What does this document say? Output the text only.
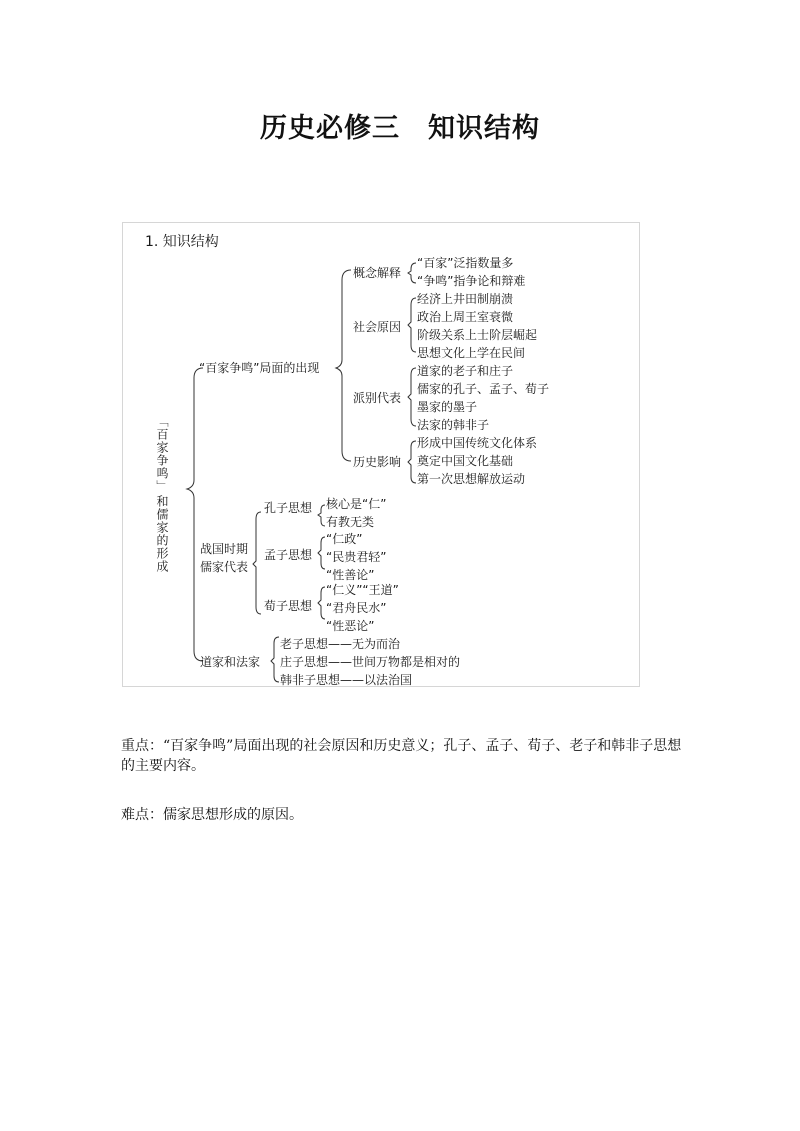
历史必修三　知识结构
1. 知识结构
「百家争鸣」
和儒家的形成
“百家争鸣”局面的出现
概念解释
“百家”泛指数量多
“争鸣”指争论和辩难
社会原因
经济上井田制崩溃
政治上周王室衰微
阶级关系上士阶层崛起
思想文化上学在民间
派别代表
道家的老子和庄子
儒家的孔子、孟子、荀子
墨家的墨子
法家的韩非子
历史影响
形成中国传统文化体系
奠定中国文化基础
第一次思想解放运动
战国时期
儒家代表
孔子思想 核心是“仁”
有教无类
孟子思想
“仁政”
“民贵君轻”
“性善论”
荀子思想
“仁义”“王道”
“君舟民水”
“性恶论”
道家和法家
老子思想——无为而治
庄子思想——世间万物都是相对的
韩非子思想——以法治国
重点：“百家争鸣”局面出现的社会原因和历史意义；孔子、孟子、荀子、老子和韩非子思想的主要内容。
难点：儒家思想形成的原因。
